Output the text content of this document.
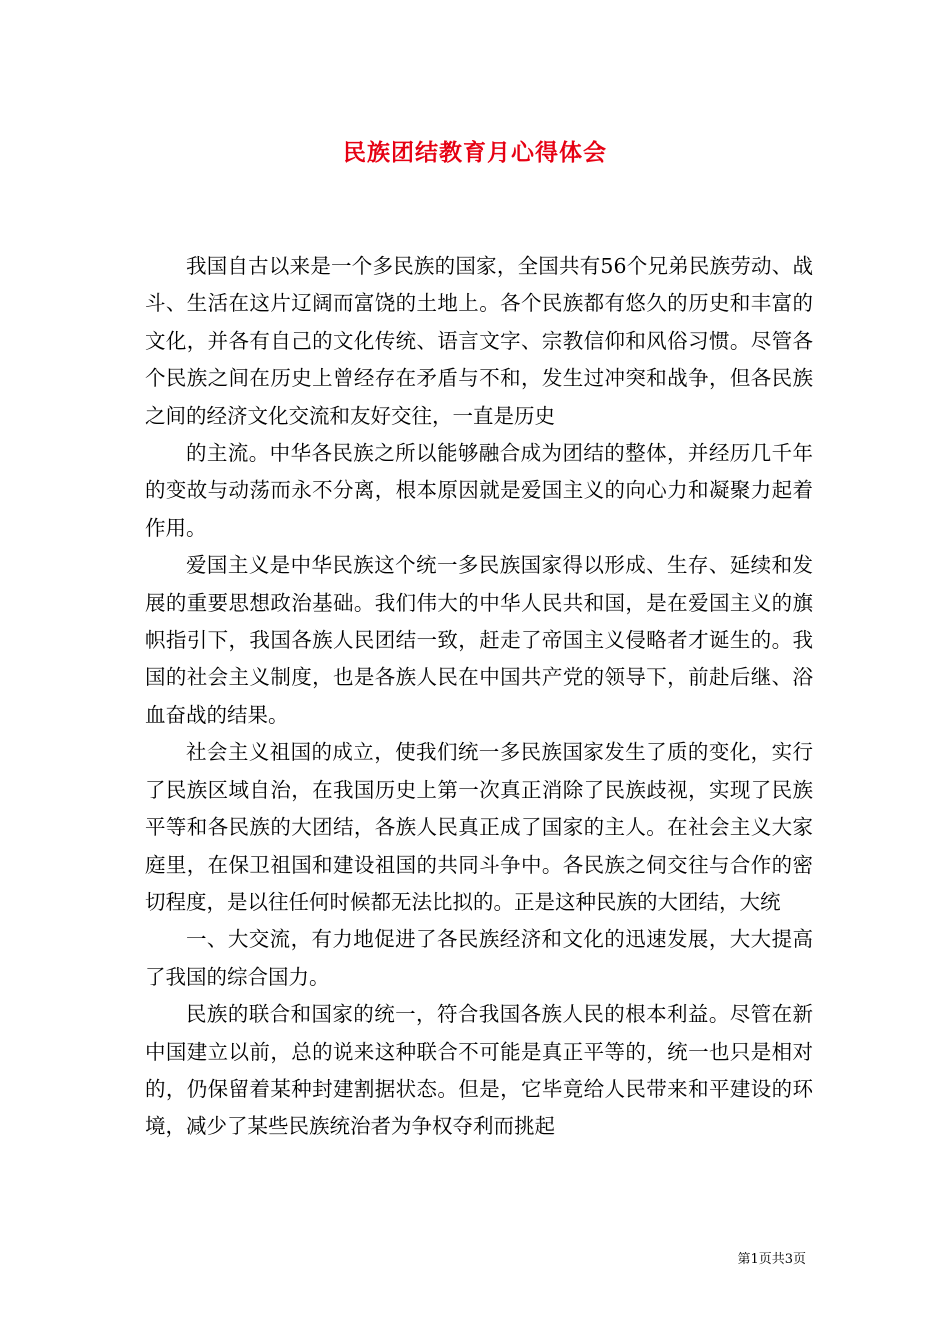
民族团结教育月心得体会

我国自古以来是一个多民族的国家，全国共有56个兄弟民族劳动、战斗、生活在这片辽阔而富饶的土地上。各个民族都有悠久的历史和丰富的文化，并各有自己的文化传统、语言文字、宗教信仰和风俗习惯。尽管各个民族之间在历史上曾经存在矛盾与不和，发生过冲突和战争，但各民族之间的经济文化交流和友好交往，一直是历史

的主流。中华各民族之所以能够融合成为团结的整体，并经历几千年的变故与动荡而永不分离，根本原因就是爱国主义的向心力和凝聚力起着作用。

爱国主义是中华民族这个统一多民族国家得以形成、生存、延续和发展的重要思想政治基础。我们伟大的中华人民共和国，是在爱国主义的旗帜指引下，我国各族人民团结一致，赶走了帝国主义侵略者才诞生的。我国的社会主义制度，也是各族人民在中国共产党的领导下，前赴后继、浴血奋战的结果。

社会主义祖国的成立，使我们统一多民族国家发生了质的变化，实行了民族区域自治，在我国历史上第一次真正消除了民族歧视，实现了民族平等和各民族的大团结，各族人民真正成了国家的主人。在社会主义大家庭里，在保卫祖国和建设祖国的共同斗争中。各民族之伺交往与合作的密切程度，是以往任何时候都无法比拟的。正是这种民族的大团结，大统

一、大交流，有力地促进了各民族经济和文化的迅速发展，大大提高了我国的综合国力。

民族的联合和国家的统一，符合我国各族人民的根本利益。尽管在新中国建立以前，总的说来这种联合不可能是真正平等的，统一也只是相对的，仍保留着某种封建割据状态。但是，它毕竟给人民带来和平建设的环境，减少了某些民族统治者为争权夺利而挑起

第1页共3页
